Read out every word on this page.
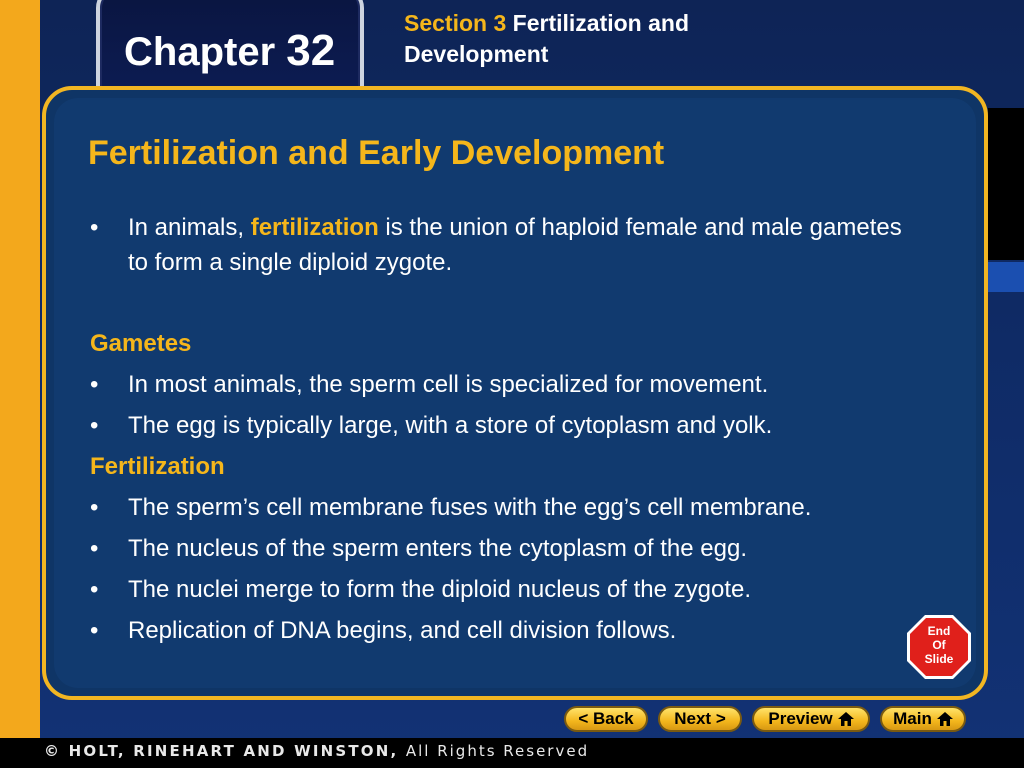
Chapter 32
Section 3 Fertilization and Development
Fertilization and Early Development
•	In animals, fertilization is the union of haploid female and male gametes to form a single diploid zygote.
Gametes
•	In most animals, the sperm cell is specialized for movement.
•	The egg is typically large, with a store of cytoplasm and yolk.
Fertilization
•	The sperm’s cell membrane fuses with the egg’s cell membrane.
•	The nucleus of the sperm enters the cytoplasm of the egg.
•	The nuclei merge to form the diploid nucleus of the zygote.
•	Replication of DNA begins, and cell division follows.	End
Of
Slide
< Back Next >	Preview	Main
© HOLT, RINEHART AND WINSTON, All Rights Reserved
